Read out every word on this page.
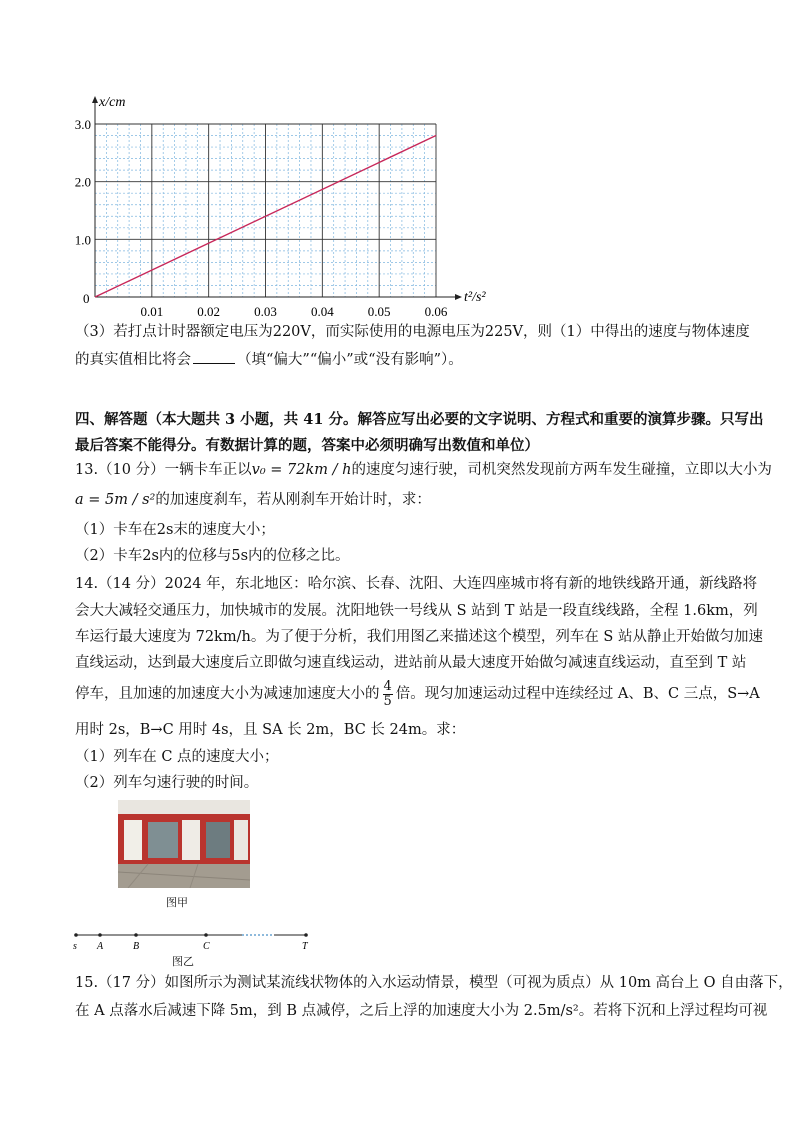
0.01	0.02	0.03	0.04	0.05	0.06
1.0
2.0
3.0
x/cm
t²/s²
0
（3）若打点计时器额定电压为220V，而实际使用的电源电压为225V，则（1）中得出的速度与物体速度
的真实值相比将会	（填“偏大”“偏小”或“没有影响”）。
四、解答题（本大题共 3 小题，共 41 分。解答应写出必要的文字说明、方程式和重要的演算步骤。只写出
最后答案不能得分。有数据计算的题，答案中必须明确写出数值和单位）
13.（10 分）一辆卡车正以v₀ = 72km / h的速度匀速行驶，司机突然发现前方两车发生碰撞，立即以大小为
a = 5m / s²的加速度刹车，若从刚刹车开始计时，求：
（1）卡车在2s末的速度大小；
（2）卡车2s内的位移与5s内的位移之比。
14.（14 分）2024 年，东北地区：哈尔滨、长春、沈阳、大连四座城市将有新的地铁线路开通，新线路将
会大大减轻交通压力，加快城市的发展。沈阳地铁一号线从 S 站到 T 站是一段直线线路，全程 1.6km，列
车运行最大速度为 72km/h。为了便于分析，我们用图乙来描述这个模型，列车在 S 站从静止开始做匀加速
直线运动，达到最大速度后立即做匀速直线运动，进站前从最大速度开始做匀减速直线运动，直至到 T 站
停车，且加速的加速度大小为减速加速度大小的 $\frac{4}{5}$ 倍。现匀加速运动过程中连续经过 A、B、C 三点，S→A
用时 2s，B→C 用时 4s，且 SA 长 2m，BC 长 24m。求：
（1）列车在 C 点的速度大小；
（2）列车匀速行驶的时间。
图甲
s A	B	C	T
图乙
15.（17 分）如图所示为测试某流线状物体的入水运动情景，模型（可视为质点）从 10m 高台上 O 自由落下，
在 A 点落水后减速下降 5m，到 B 点减停，之后上浮的加速度大小为 2.5m/s²。若将下沉和上浮过程均可视
